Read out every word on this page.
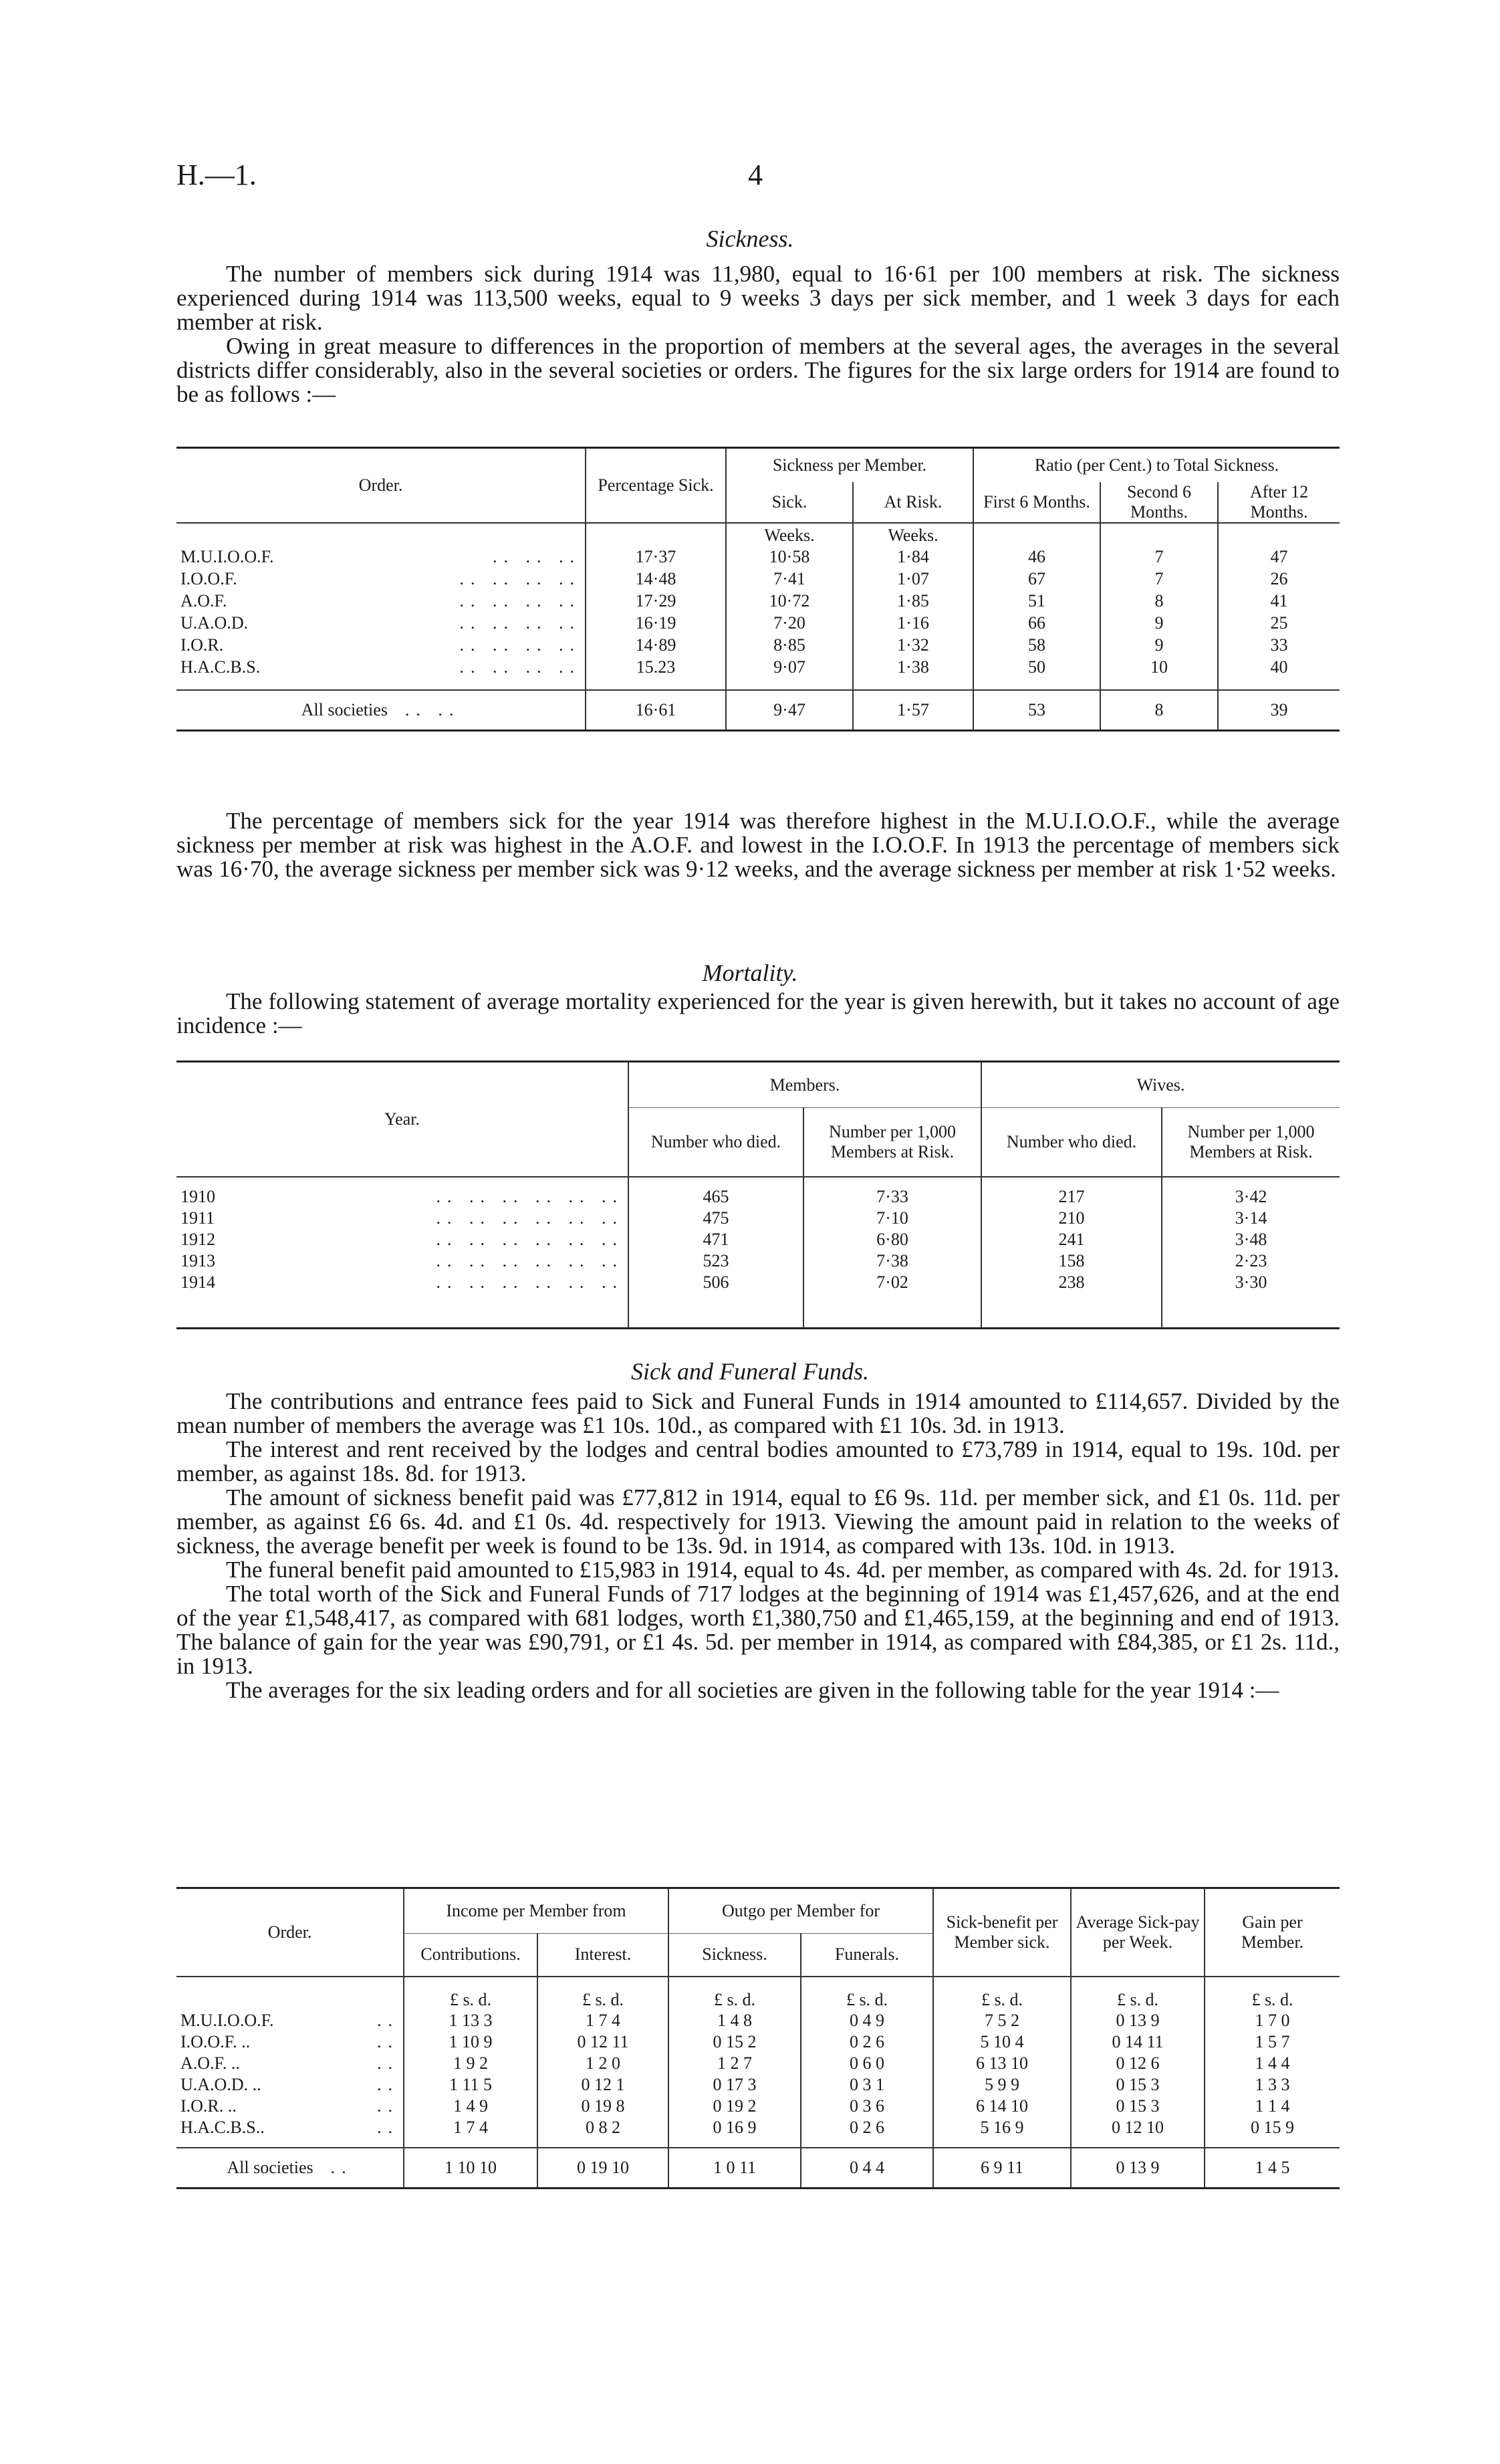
H.—1.	4
Sickness.

The number of members sick during 1914 was 11,980, equal to 16·61 per 100 members at risk. The sickness experienced during 1914 was 113,500 weeks, equal to 9 weeks 3 days per sick member, and 1 week 3 days for each member at risk.

Owing in great measure to differences in the proportion of members at the several ages, the averages in the several districts differ considerably, also in the several societies or orders. The figures for the six large orders for 1914 are found to be as follows :—

Order.	Percentage Sick.	Sickness per Member.		Ratio (per Cent.) to Total Sickness.		
		Sick.	At Risk.	First 6 Months.	Second 6 Months.	After 12 Months.
		Weeks.	Weeks.			
M.U.I.O.O.F. .. .. ..	17·37	10·58	1·84	46	7	47
I.O.O.F. .. .. .. ..	14·48	7·41	1·07	67	7	26
A.O.F. .. .. .. ..	17·29	10·72	1·85	51	8	41
U.A.O.D. .. .. .. ..	16·19	7·20	1·16	66	9	25
I.O.R. .. .. .. ..	14·89	8·85	1·32	58	9	33
H.A.C.B.S. .. .. .. ..	15.23	9·07	1·38	50	10	40

All societies .. ..	16·61	9·47	1·57	53	8	39

The percentage of members sick for the year 1914 was therefore highest in the M.U.I.O.O.F., while the average sickness per member at risk was highest in the A.O.F. and lowest in the I.O.O.F. In 1913 the percentage of members sick was 16·70, the average sickness per member sick was 9·12 weeks, and the average sickness per member at risk 1·52 weeks.

Mortality.

The following statement of average mortality experienced for the year is given herewith, but it takes no account of age incidence :—

Year.	Members.		Wives.	
	Number who died.	Number per 1,000 Members at Risk.	Number who died.	Number per 1,000 Members at Risk.

1910 .. .. .. .. .. ..	465	7·33	217	3·42
1911 .. .. .. .. .. ..	475	7·10	210	3·14
1912 .. .. .. .. .. ..	471	6·80	241	3·48
1913 .. .. .. .. .. ..	523	7·38	158	2·23
1914 .. .. .. .. .. ..	506	7·02	238	3·30

Sick and Funeral Funds.

The contributions and entrance fees paid to Sick and Funeral Funds in 1914 amounted to £114,657. Divided by the mean number of members the average was £1 10s. 10d., as compared with £1 10s. 3d. in 1913.

The interest and rent received by the lodges and central bodies amounted to £73,789 in 1914, equal to 19s. 10d. per member, as against 18s. 8d. for 1913.

The amount of sickness benefit paid was £77,812 in 1914, equal to £6 9s. 11d. per member sick, and £1 0s. 11d. per member, as against £6 6s. 4d. and £1 0s. 4d. respectively for 1913. Viewing the amount paid in relation to the weeks of sickness, the average benefit per week is found to be 13s. 9d. in 1914, as compared with 13s. 10d. in 1913.

The funeral benefit paid amounted to £15,983 in 1914, equal to 4s. 4d. per member, as compared with 4s. 2d. for 1913.

The total worth of the Sick and Funeral Funds of 717 lodges at the beginning of 1914 was £1,457,626, and at the end of the year £1,548,417, as compared with 681 lodges, worth £1,380,750 and £1,465,159, at the beginning and end of 1913. The balance of gain for the year was £90,791, or £1 4s. 5d. per member in 1914, as compared with £84,385, or £1 2s. 11d., in 1913.

The averages for the six leading orders and for all societies are given in the following table for the year 1914 :—

Order.	Income per Member from		Outgo per Member for		Sick-benefit per Member sick.	Average Sick-pay per Week.	Gain per Member.
	Contributions.	Interest.	Sickness.	Funerals.			
	£ s. d.	£ s. d.	£ s. d.	£ s. d.	£ s. d.	£ s. d.	£ s. d.
M.U.I.O.O.F. ..	1 13 3	1 7 4	1 4 8	0 4 9	7 5 2	0 13 9	1 7 0
I.O.O.F. .. ..	1 10 9	0 12 11	0 15 2	0 2 6	5 10 4	0 14 11	1 5 7
A.O.F. .. ..	1 9 2	1 2 0	1 2 7	0 6 0	6 13 10	0 12 6	1 4 4
U.A.O.D. .. ..	1 11 5	0 12 1	0 17 3	0 3 1	5 9 9	0 15 3	1 3 3
I.O.R. .. ..	1 4 9	0 19 8	0 19 2	0 3 6	6 14 10	0 15 3	1 1 4
H.A.C.B.S.. ..	1 7 4	0 8 2	0 16 9	0 2 6	5 16 9	0 12 10	0 15 9

All societies ..	1 10 10	0 19 10	1 0 11	0 4 4	6 9 11	0 13 9	1 4 5
